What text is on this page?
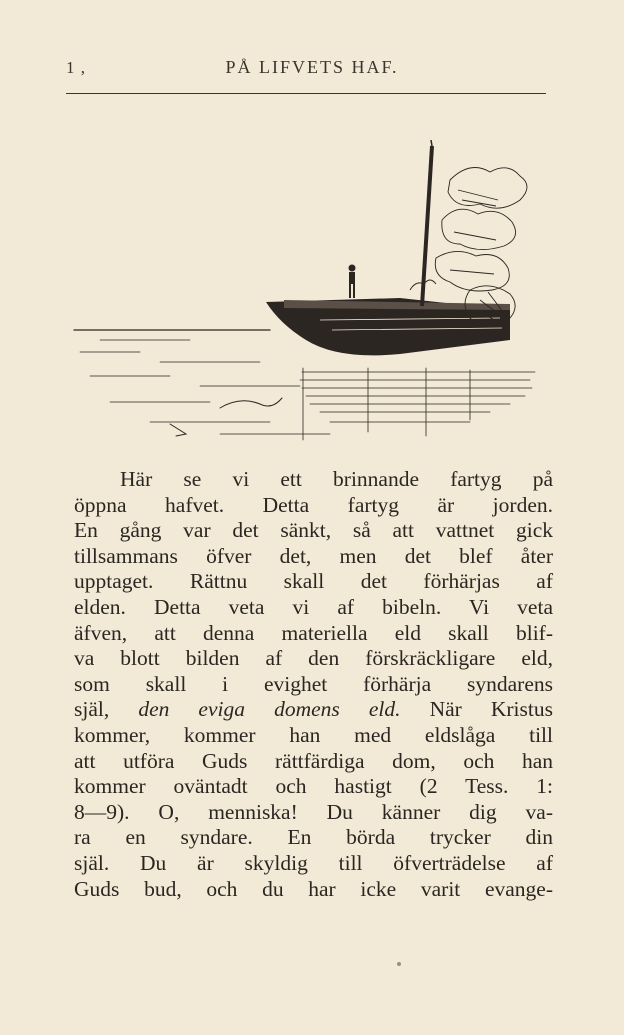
1 ,	PÅ LIFVETS HAF.
Här se vi ett brinnande fartyg på
öppna hafvet. Detta fartyg är jorden.
En gång var det sänkt, så att vattnet gick
tillsammans öfver det, men det blef åter
upptaget. Rättnu skall det förhärjas af
elden. Detta veta vi af bibeln. Vi veta
äfven, att denna materiella eld skall blif-
va blott bilden af den förskräckligare eld,
som skall i evighet förhärja syndarens
själ, den eviga domens eld. När Kristus
kommer, kommer han med eldslåga till
att utföra Guds rättfärdiga dom, och han
kommer oväntadt och hastigt (2 Tess. 1:
8—9). O, menniska! Du känner dig va-
ra en syndare. En börda trycker din
själ. Du är skyldig till öfverträdelse af
Guds bud, och du har icke varit evange-
